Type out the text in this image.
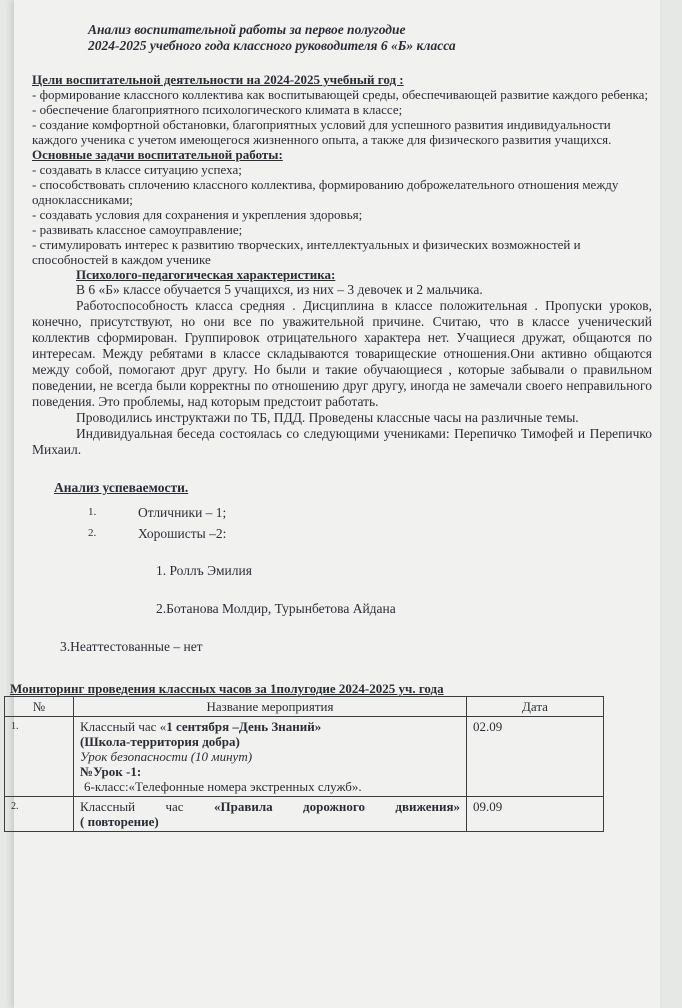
Анализ воспитательной работы за первое полугодие
2024-2025 учебного года классного руководителя 6 «Б» класса
Цели воспитательной деятельности на 2024-2025 учебный год :
- формирование классного коллектива как воспитывающей среды, обеспечивающей развитие каждого ребенка;
- обеспечение благоприятного психологического климата в классе;
- создание комфортной обстановки, благоприятных условий для успешного развития индивидуальности каждого ученика с учетом имеющегося жизненного опыта, а также для физического развития учащихся.
Основные задачи воспитательной работы:
- создавать в классе ситуацию успеха;
- способствовать сплочению классного коллектива, формированию доброжелательного отношения между одноклассниками;
- создавать условия для сохранения и укрепления здоровья;
- развивать классное самоуправление;
- стимулировать интерес к развитию творческих, интеллектуальных и физических возможностей и способностей в каждом ученике
Психолого-педагогическая характеристика:
В 6 «Б» классе обучается 5 учащихся, из них – 3 девочек и 2 мальчика.
Работоспособность класса средняя . Дисциплина в классе положительная . Пропуски уроков, конечно, присутствуют, но они все по уважительной причине. Считаю, что в классе ученический коллектив сформирован. Группировок отрицательного характера нет. Учащиеся дружат, общаются по интересам. Между ребятами в классе складываются товарищеские отношения.Они активно общаются между собой, помогают друг другу. Но были и такие обучающиеся , которые забывали о правильном поведении, не всегда были корректны по отношению друг другу, иногда не замечали своего неправильного поведения. Это проблемы, над которым предстоит работать.
Проводились инструктажи по ТБ, ПДД. Проведены классные часы на различные темы.
Индивидуальная беседа состоялась со следующими учениками: Перепичко Тимофей и Перепичко Михаил.
Анализ успеваемости.
1.	Отличники – 1;
2.	Хорошисты –2:
1. Роллъ Эмилия
2.Ботанова Молдир, Турынбетова Айдана
3.Неаттестованные – нет
Мониторинг проведения классных часов за 1полугодие 2024-2025 уч. года
№	Название мероприятия	Дата
1.	Классный час «1 сентября –День Знаний»
(Школа-территория добра)
Урок безопасности (10 минут)
№Урок -1:
6-класс:«Телефонные номера экстренных служб».	02.09
2.	Классный час «Правила дорожного движения»
( повторение)	09.09
